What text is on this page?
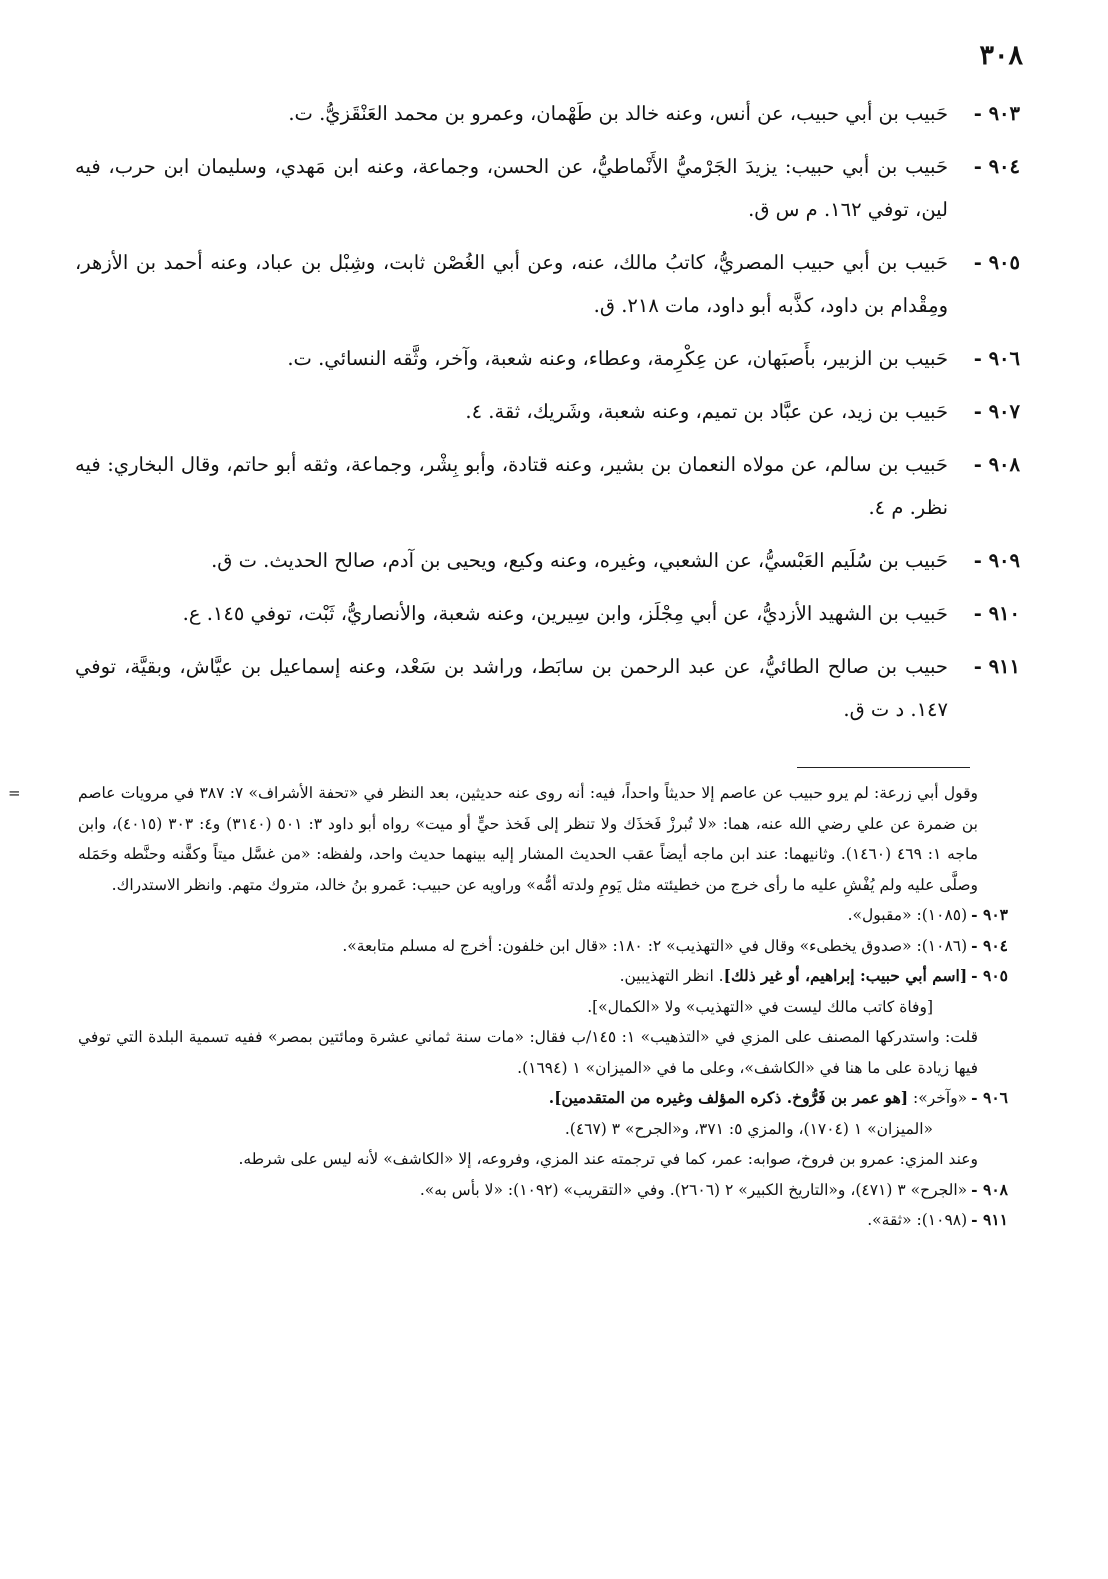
٣٠٨
٩٠٣ -
حَبيب بن أبي حبيب، عن أنس، وعنه خالد بن طَهْمان، وعمرو بن محمد العَنْقَزيُّ. ت.
٩٠٤ -
حَبيب بن أبي حبيب: يزيدَ الجَرْميُّ الأَنْماطيُّ، عن الحسن، وجماعة، وعنه ابن مَهدي، وسليمان ابن حرب، فيه لين، توفي ١٦٢. م س ق.
٩٠٥ -
حَبيب بن أبي حبيب المصريُّ، كاتبُ مالك، عنه، وعن أبي الغُصْن ثابت، وشِبْل بن عباد، وعنه أحمد بن الأزهر، ومِقْدام بن داود، كذَّبه أبو داود، مات ٢١٨. ق.
٩٠٦ -
حَبيب بن الزبير، بأَصبَهان، عن عِكْرِمة، وعطاء، وعنه شعبة، وآخر، وثَّقه النسائي. ت.
٩٠٧ -
حَبيب بن زيد، عن عبَّاد بن تميم، وعنه شعبة، وشَريك، ثقة. ٤.
٩٠٨ -
حَبيب بن سالم، عن مولاه النعمان بن بشير، وعنه قتادة، وأبو بِشْر، وجماعة، وثقه أبو حاتم، وقال البخاري: فيه نظر. م ٤.
٩٠٩ -
حَبيب بن سُلَيم العَبْسيُّ، عن الشعبي، وغيره، وعنه وكيع، ويحيى بن آدم، صالح الحديث. ت ق.
٩١٠ -
حَبيب بن الشهيد الأزديُّ، عن أبي مِجْلَز، وابن سِيرين، وعنه شعبة، والأنصاريُّ، ثَبْت، توفي ١٤٥. ع.
٩١١ -
حبيب بن صالح الطائيُّ، عن عبد الرحمن بن سابَط، وراشد بن سَعْد، وعنه إسماعيل بن عيَّاش، وبقيَّة، توفي ١٤٧. د ت ق.
=	وقول أبي زرعة: لم يرو حبيب عن عاصم إلا حديثاً واحداً، فيه: أنه روى عنه حديثين، بعد النظر في «تحفة الأشراف» ٧: ٣٨٧ في مرويات عاصم بن ضمرة عن علي رضي الله عنه، هما: «لا تُبرزْ فَخذَك ولا تنظر إلى فَخذ حيٍّ أو ميت» رواه أبو داود ٣: ٥٠١ (٣١٤٠) و٤: ٣٠٣ (٤٠١٥)، وابن ماجه ١: ٤٦٩ (١٤٦٠). وثانيهما: عند ابن ماجه أيضاً عقب الحديث المشار إليه بينهما حديث واحد، ولفظه: «من غسَّل ميتاً وكفَّنه وحنَّطه وحَمَله وصلَّى عليه ولم يُفْشِ عليه ما رأى خرج من خطيئته مثل يَومِ ولدته أمُّه» وراويه عن حبيب: عَمرو بنُ خالد، متروك متهم. وانظر الاستدراك.
٩٠٣ -(١٠٨٥): «مقبول».
٩٠٤ -(١٠٨٦): «صدوق يخطىء» وقال في «التهذيب» ٢: ١٨٠: «قال ابن خلفون: أخرج له مسلم متابعة».
٩٠٥ -[اسم أبي حبيب: إبراهيم، أو غير ذلك]. انظر التهذيبين.
[وفاة كاتب مالك ليست في «التهذيب» ولا «الكمال»].
قلت: واستدركها المصنف على المزي في «التذهيب» ١: ١٤٥/ب فقال: «مات سنة ثماني عشرة ومائتين بمصر» ففيه تسمية البلدة التي توفي فيها زيادة على ما هنا في «الكاشف»، وعلى ما في «الميزان» ١ (١٦٩٤).
٩٠٦ -«وآخر»: [هو عمر بن فَرُّوخ. ذكره المؤلف وغيره من المتقدمين].
«الميزان» ١ (١٧٠٤)، والمزي ٥: ٣٧١، و«الجرح» ٣ (٤٦٧).
وعند المزي: عمرو بن فروخ، صوابه: عمر، كما في ترجمته عند المزي، وفروعه، إلا «الكاشف» لأنه ليس على شرطه.
٩٠٨ -«الجرح» ٣ (٤٧١)، و«التاريخ الكبير» ٢ (٢٦٠٦). وفي «التقريب» (١٠٩٢): «لا بأس به».
٩١١ -(١٠٩٨): «ثقة».
